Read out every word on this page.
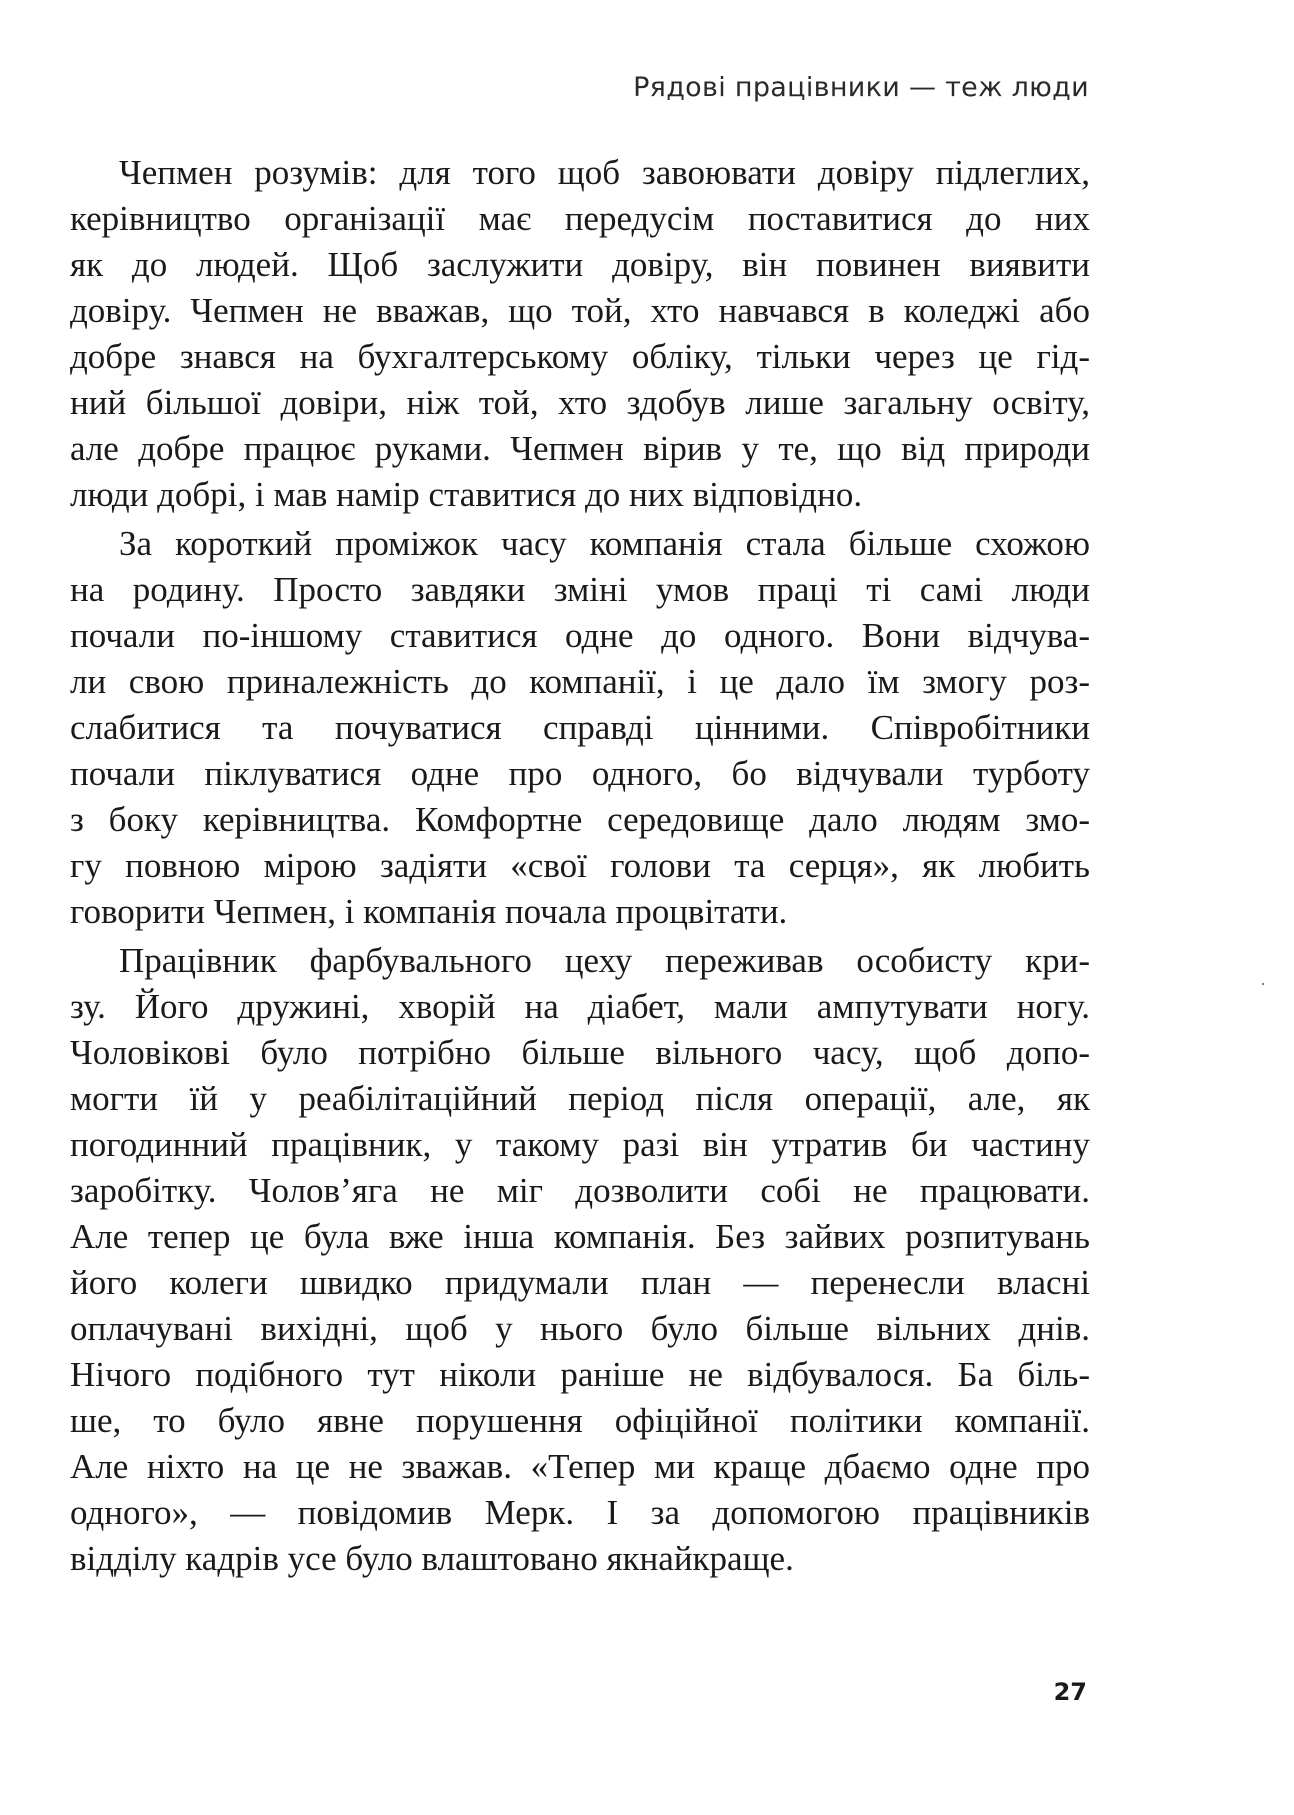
Рядові працівники — теж люди

Чепмен розумів: для того щоб завоювати довіру підлеглих,
керівництво організації має передусім поставитися до них
як до людей. Щоб заслужити довіру, він повинен виявити
довіру. Чепмен не вважав, що той, хто навчався в коледжі або
добре знався на бухгалтерському обліку, тільки через це гід-
ний більшої довіри, ніж той, хто здобув лише загальну освіту,
але добре працює руками. Чепмен вірив у те, що від природи
люди добрі, і мав намір ставитися до них відповідно.

За короткий проміжок часу компанія стала більше схожою
на родину. Просто завдяки зміні умов праці ті самі люди
почали по-іншому ставитися одне до одного. Вони відчува-
ли свою приналежність до компанії, і це дало їм змогу роз-
слабитися та почуватися справді цінними. Співробітники
почали піклуватися одне про одного, бо відчували турботу
з боку керівництва. Комфортне середовище дало людям змо-
гу повною мірою задіяти «свої голови та серця», як любить
говорити Чепмен, і компанія почала процвітати.

Працівник фарбувального цеху переживав особисту кри-
зу. Його дружині, хворій на діабет, мали ампутувати ногу.
Чоловікові було потрібно більше вільного часу, щоб допо-
могти їй у реабілітаційний період після операції, але, як
погодинний працівник, у такому разі він утратив би частину
заробітку. Чолов’яга не міг дозволити собі не працювати.
Але тепер це була вже інша компанія. Без зайвих розпитувань
його колеги швидко придумали план — перенесли власні
оплачувані вихідні, щоб у нього було більше вільних днів.
Нічого подібного тут ніколи раніше не відбувалося. Ба біль-
ше, то було явне порушення офіційної політики компанії.
Але ніхто на це не зважав. «Тепер ми краще дбаємо одне про
одного», — повідомив Мерк. І за допомогою працівників
відділу кадрів усе було влаштовано якнайкраще.

27
